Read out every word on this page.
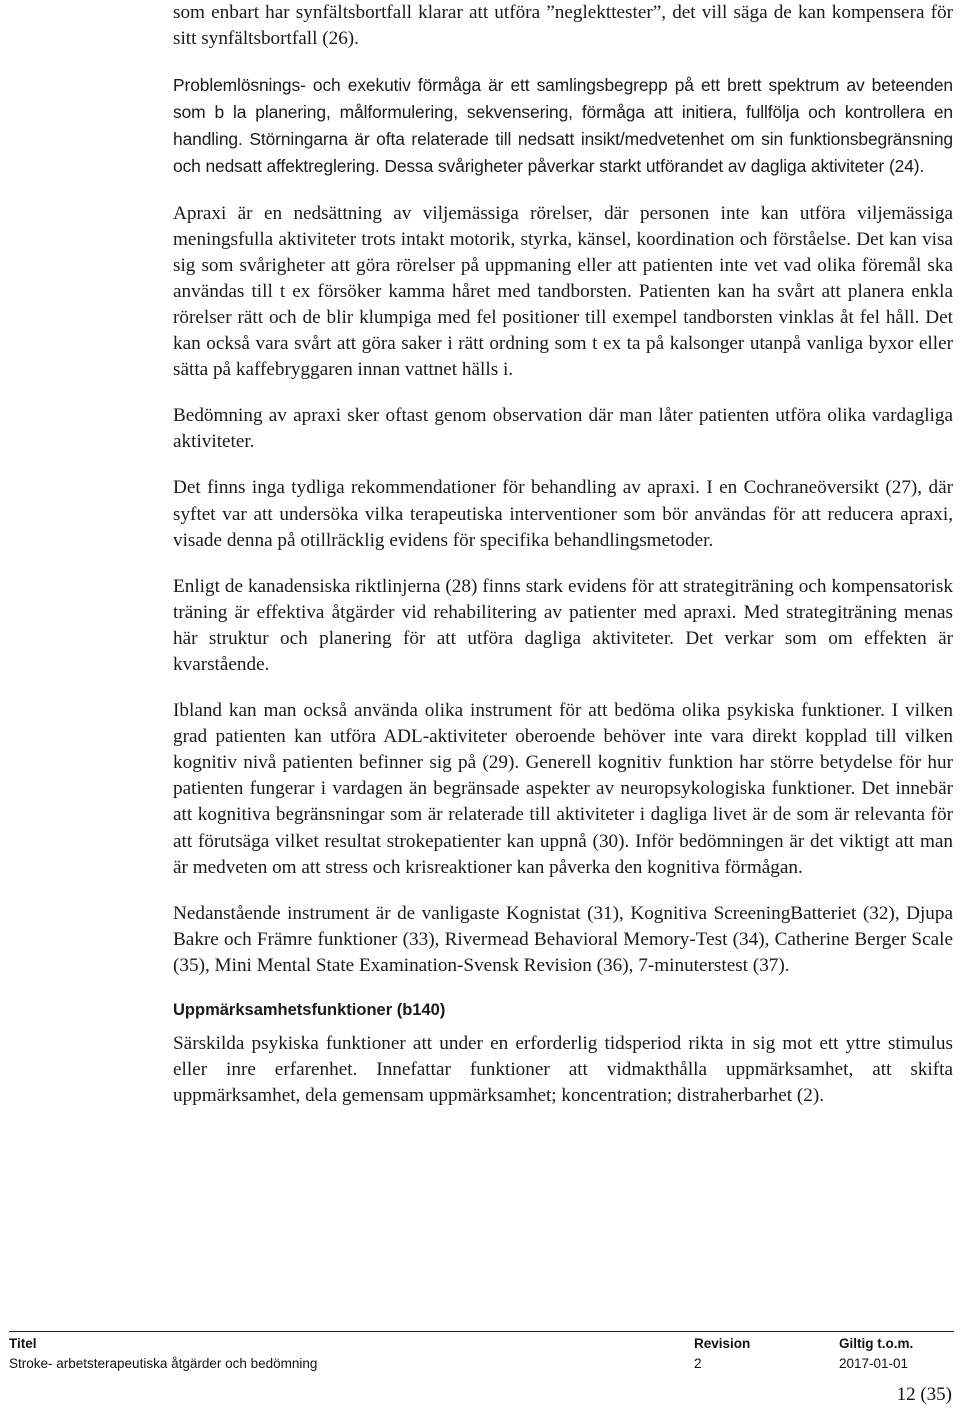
som enbart har synfältsbortfall klarar att utföra ”neglekttester”, det vill säga de kan kompensera för sitt synfältsbortfall (26).

Problemlösnings- och exekutiv förmåga är ett samlingsbegrepp på ett brett spektrum av beteenden som b la planering, målformulering, sekvensering, förmåga att initiera, fullfölja och kontrollera en handling. Störningarna är ofta relaterade till nedsatt insikt/medvetenhet om sin funktionsbegränsning och nedsatt affektreglering. Dessa svårigheter påverkar starkt utförandet av dagliga aktiviteter (24).

Apraxi är en nedsättning av viljemässiga rörelser, där personen inte kan utföra viljemässiga meningsfulla aktiviteter trots intakt motorik, styrka, känsel, koordination och förståelse. Det kan visa sig som svårigheter att göra rörelser på uppmaning eller att patienten inte vet vad olika föremål ska användas till t ex försöker kamma håret med tandborsten. Patienten kan ha svårt att planera enkla rörelser rätt och de blir klumpiga med fel positioner till exempel tandborsten vinklas åt fel håll. Det kan också vara svårt att göra saker i rätt ordning som t ex ta på kalsonger utanpå vanliga byxor eller sätta på kaffebryggaren innan vattnet hälls i.

Bedömning av apraxi sker oftast genom observation där man låter patienten utföra olika vardagliga aktiviteter.

Det finns inga tydliga rekommendationer för behandling av apraxi. I en Cochraneöversikt (27), där syftet var att undersöka vilka terapeutiska interventioner som bör användas för att reducera apraxi, visade denna på otillräcklig evidens för specifika behandlingsmetoder.

Enligt de kanadensiska riktlinjerna (28) finns stark evidens för att strategiträning och kompensatorisk träning är effektiva åtgärder vid rehabilitering av patienter med apraxi. Med strategiträning menas här struktur och planering för att utföra dagliga aktiviteter. Det verkar som om effekten är kvarstående.

Ibland kan man också använda olika instrument för att bedöma olika psykiska funktioner. I vilken grad patienten kan utföra ADL-aktiviteter oberoende behöver inte vara direkt kopplad till vilken kognitiv nivå patienten befinner sig på (29). Generell kognitiv funktion har större betydelse för hur patienten fungerar i vardagen än begränsade aspekter av neuropsykologiska funktioner. Det innebär att kognitiva begränsningar som är relaterade till aktiviteter i dagliga livet är de som är relevanta för att förutsäga vilket resultat strokepatienter kan uppnå (30). Inför bedömningen är det viktigt att man är medveten om att stress och krisreaktioner kan påverka den kognitiva förmågan.

Nedanstående instrument är de vanligaste Kognistat (31), Kognitiva ScreeningBatteriet (32), Djupa Bakre och Främre funktioner (33), Rivermead Behavioral Memory-Test (34), Catherine Berger Scale (35), Mini Mental State Examination-Svensk Revision (36), 7-minuterstest (37).

Uppmärksamhetsfunktioner (b140)

Särskilda psykiska funktioner att under en erforderlig tidsperiod rikta in sig mot ett yttre stimulus eller inre erfarenhet. Innefattar funktioner att vidmakthålla uppmärksamhet, att skifta uppmärksamhet, dela gemensam uppmärksamhet; koncentration; distraherbarhet (2).

Titel	Revision	Giltig t.o.m.
Stroke- arbetsterapeutiska åtgärder och bedömning	2	2017-01-01
12 (35)
